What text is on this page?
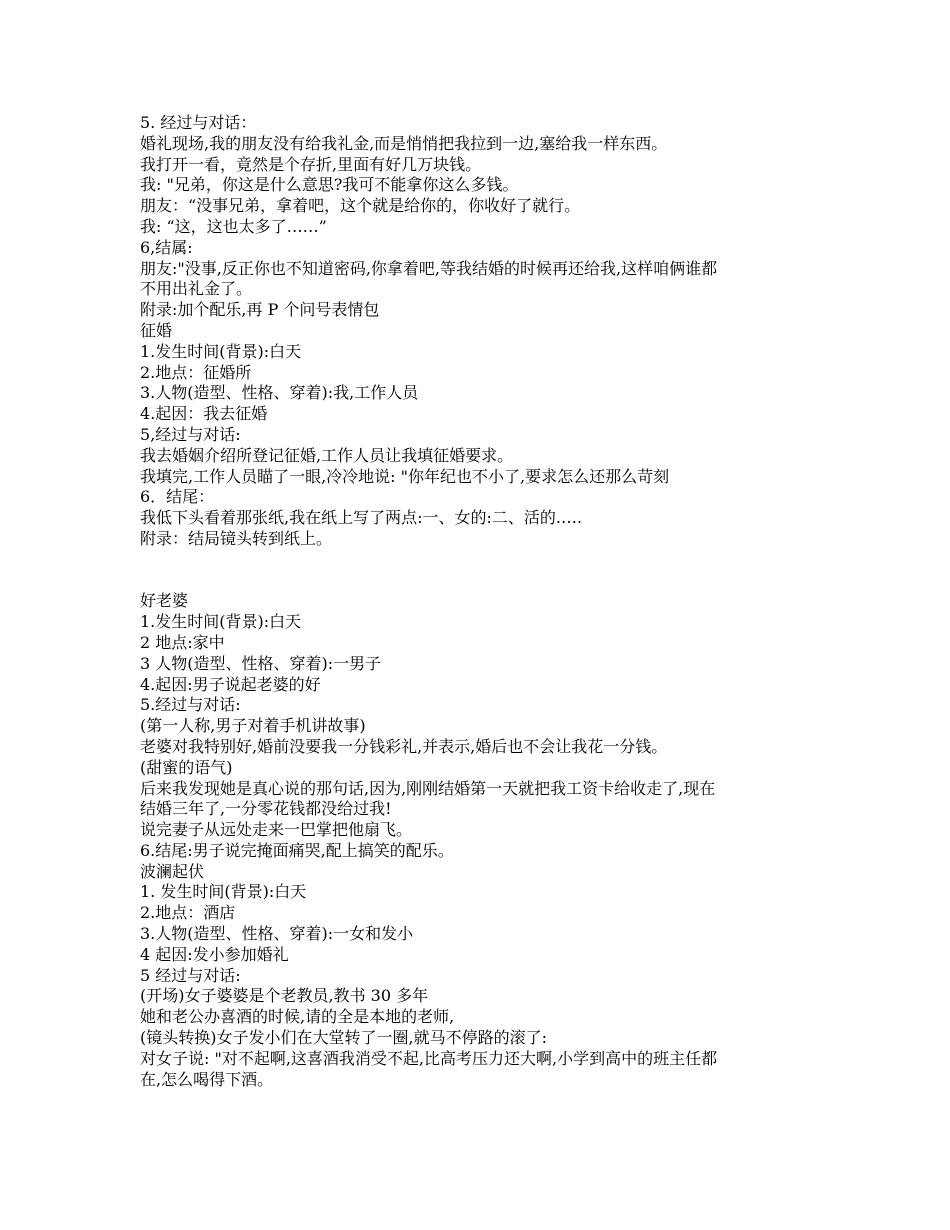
5. 经过与对话：
婚礼现场,我的朋友没有给我礼金,而是悄悄把我拉到一边,塞给我一样东西。
我打开一看，竟然是个存折,里面有好几万块钱。
我: "兄弟，你这是什么意思?我可不能拿你这么多钱。
朋友：“没事兄弟，拿着吧，这个就是给你的，你收好了就行。
我: “这，这也太多了……”
6,结属:
朋友:"没事,反正你也不知道密码,你拿着吧,等我结婚的时候再还给我,这样咱俩谁都
不用出礼金了。
附录:加个配乐,再 P 个问号表情包
征婚
1.发生时间(背景):白天
2.地点：征婚所
3.人物(造型、性格、穿着):我,工作人员
4.起因：我去征婚
5,经过与对话:
我去婚姻介绍所登记征婚,工作人员让我填征婚要求。
我填完,工作人员瞄了一眼,冷冷地说: "你年纪也不小了,要求怎么还那么苛刻
6．结尾：
我低下头看着那张纸,我在纸上写了两点:一、女的:二、活的.….
附录：结局镜头转到纸上。
好老婆
1.发生时间(背景):白天
2 地点:家中
3 人物(造型、性格、穿着):一男子
4.起因:男子说起老婆的好
5.经过与对话:
(第一人称,男子对着手机讲故事)
老婆对我特别好,婚前没要我一分钱彩礼,并表示,婚后也不会让我花一分钱。
(甜蜜的语气)
后来我发现她是真心说的那句话,因为,刚刚结婚第一天就把我工资卡给收走了,现在
结婚三年了,一分零花钱都没给过我!
说完妻子从远处走来一巴掌把他扇飞。
6.结尾:男子说完掩面痛哭,配上搞笑的配乐。
波澜起伏
1. 发生时间(背景):白天
2.地点：酒店
3.人物(造型、性格、穿着):一女和发小
4 起因:发小参加婚礼
5 经过与对话:
(开场)女子婆婆是个老教员,教书 30 多年
她和老公办喜酒的时候,请的全是本地的老师,
(镜头转换)女子发小们在大堂转了一圈,就马不停路的滚了:
对女子说: "对不起啊,这喜酒我消受不起,比高考压力还大啊,小学到高中的班主任都
在,怎么喝得下酒。
